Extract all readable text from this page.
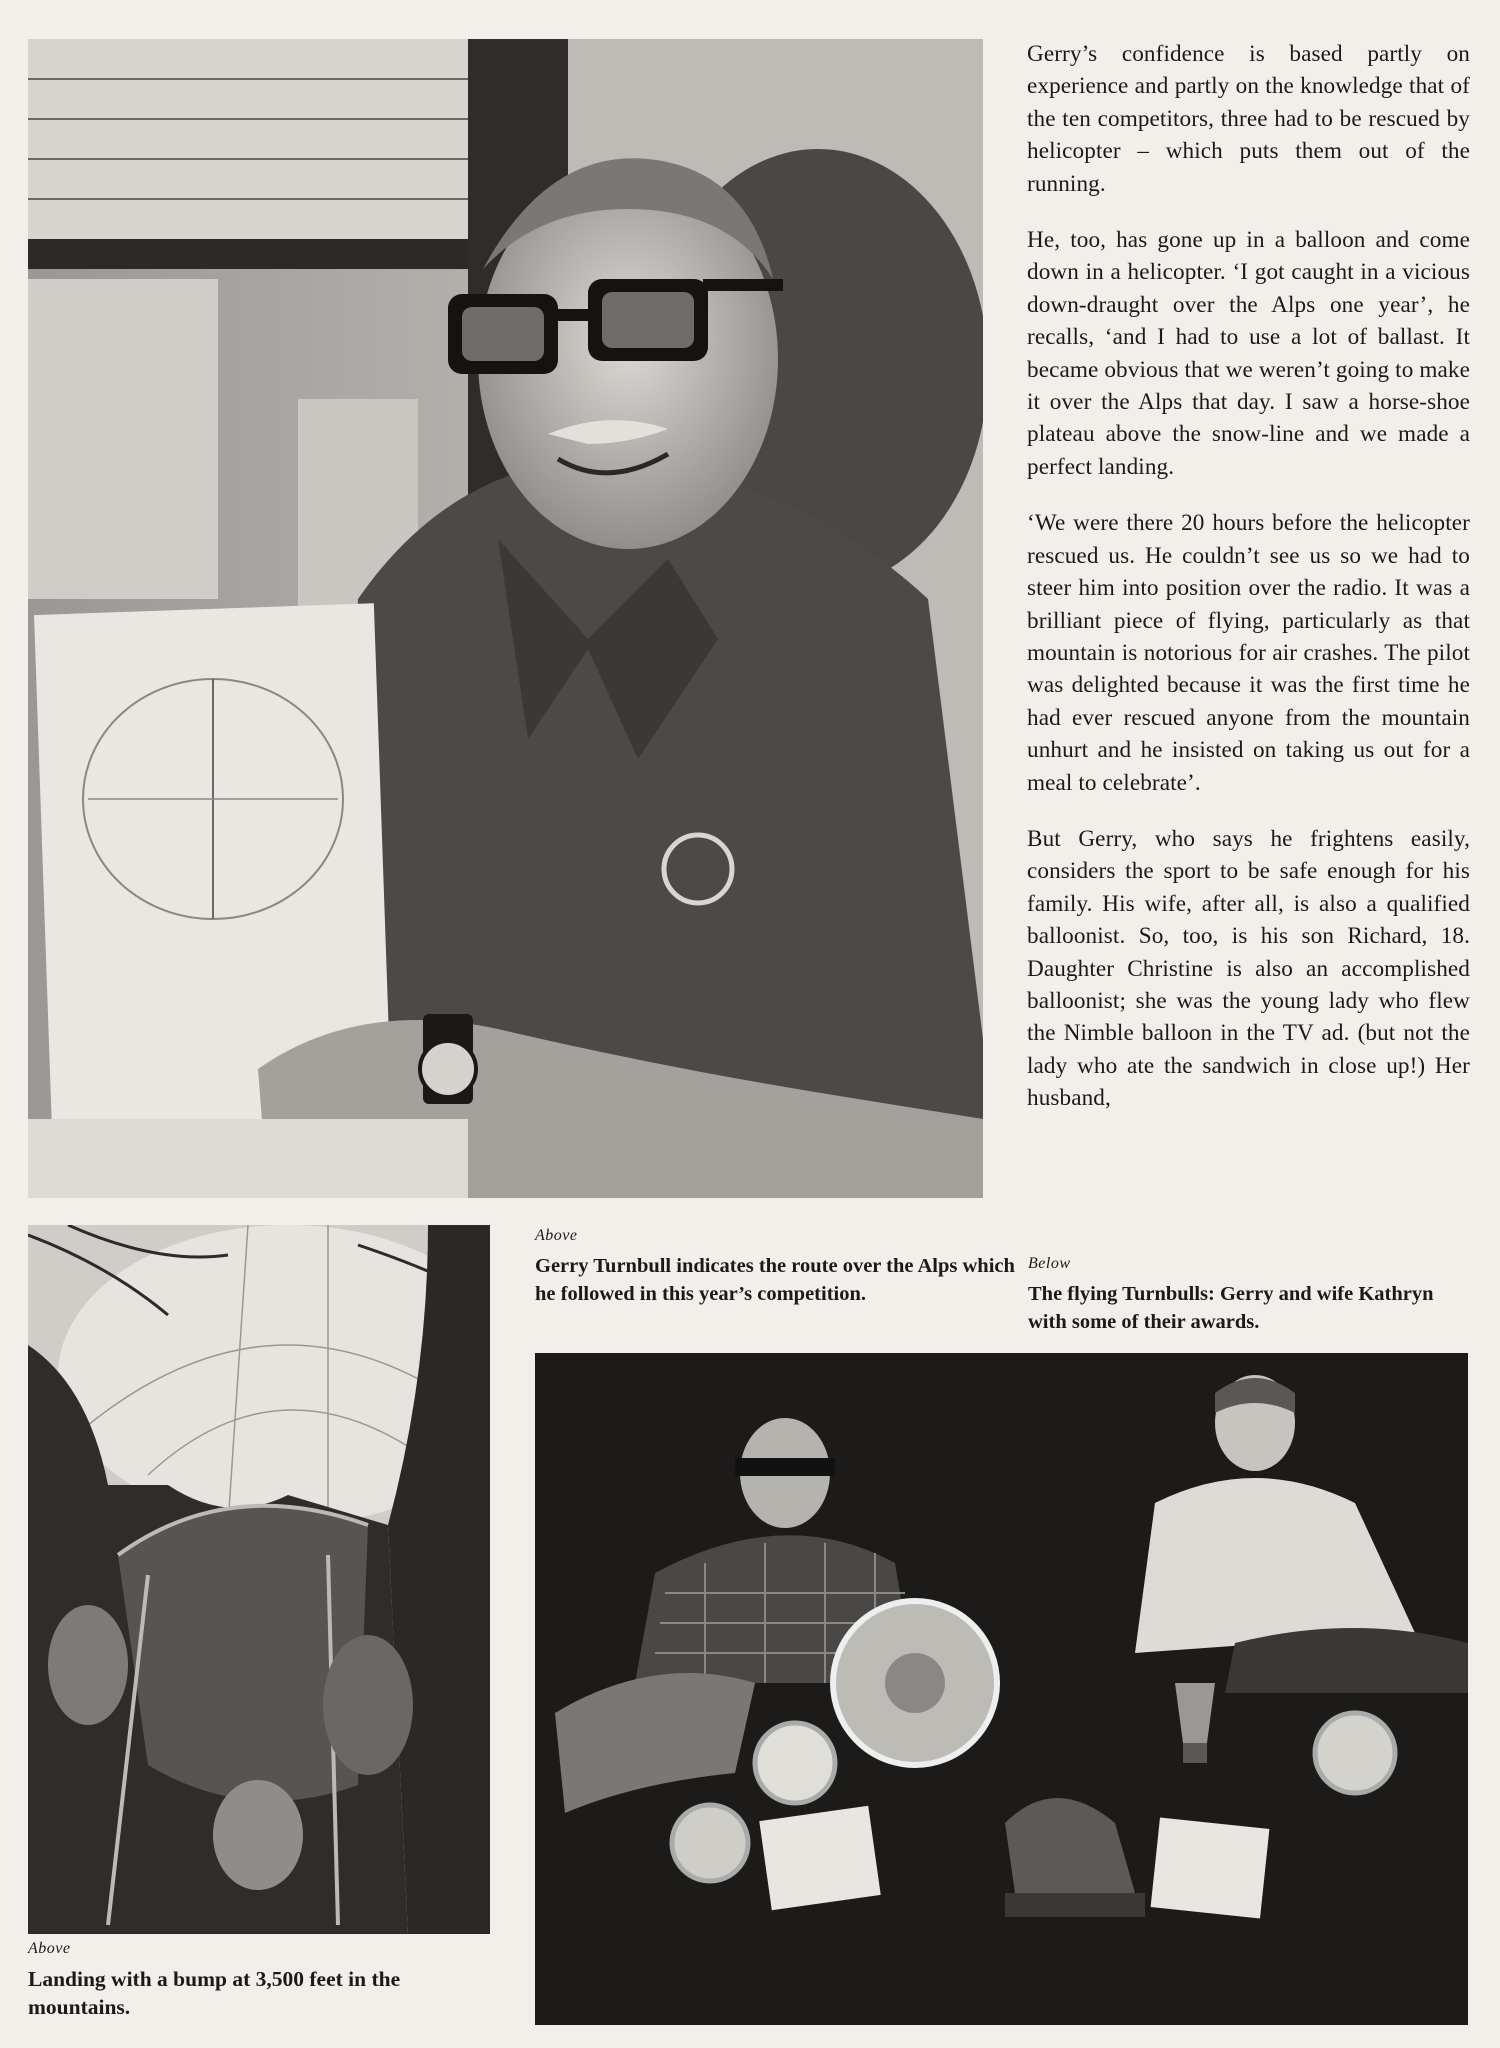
Gerry’s confidence is based partly on experience and partly on the knowledge that of the ten competitors, three had to be rescued by helicopter – which puts them out of the running.

He, too, has gone up in a balloon and come down in a helicopter. ‘I got caught in a vicious down-draught over the Alps one year’, he recalls, ‘and I had to use a lot of ballast. It became obvious that we weren’t going to make it over the Alps that day. I saw a horse-shoe plateau above the snow-line and we made a perfect landing.

‘We were there 20 hours before the helicopter rescued us. He couldn’t see us so we had to steer him into position over the radio. It was a brilliant piece of flying, particularly as that mountain is notorious for air crashes. The pilot was delighted because it was the first time he had ever rescued anyone from the mountain unhurt and he insisted on taking us out for a meal to celebrate’.

But Gerry, who says he frightens easily, considers the sport to be safe enough for his family. His wife, after all, is also a qualified balloonist. So, too, is his son Richard, 18. Daughter Christine is also an accomplished balloonist; she was the young lady who flew the Nimble balloon in the TV ad. (but not the lady who ate the sandwich in close up!) Her husband,

Above
Gerry Turnbull indicates the route over the Alps which he followed in this year’s competition.
Below
The flying Turnbulls: Gerry and wife Kathryn with some of their awards.
Above
Landing with a bump at 3,500 feet in the mountains.
